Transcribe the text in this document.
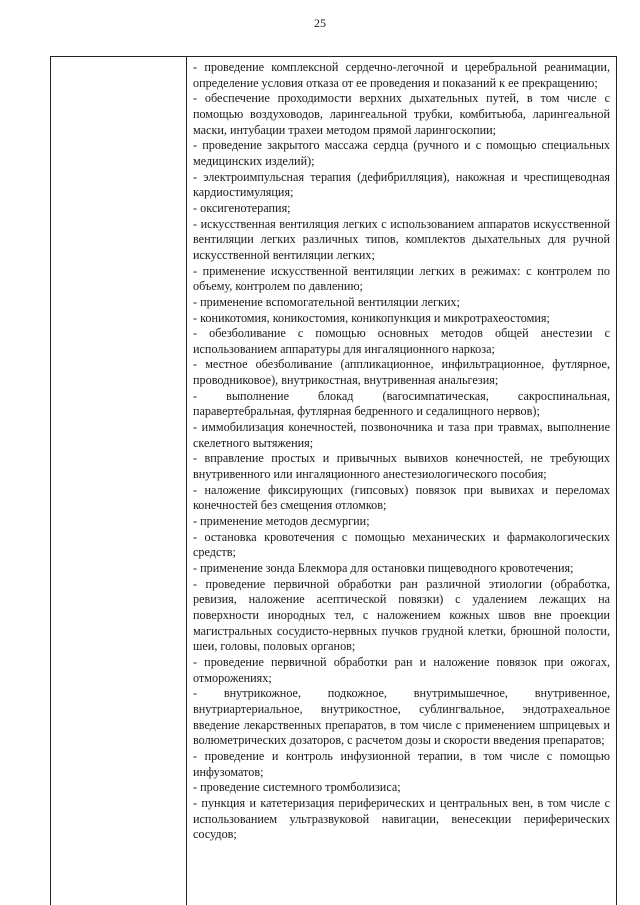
25

- проведение комплексной сердечно-легочной и церебральной реанимации, определение условия отказа от ее проведения и показаний к ее прекращению;

- обеспечение проходимости верхних дыхательных путей, в том числе с помощью воздуховодов, ларингеальной трубки, комбитьюба, ларингеальной маски, интубации трахеи методом прямой ларингоскопии;

- проведение закрытого массажа сердца (ручного и с помощью специальных медицинских изделий);

- электроимпульсная терапия (дефибрилляция), накожная и чреспищеводная кардиостимуляция;

- оксигенотерапия;

- искусственная вентиляция легких с использованием аппаратов искусственной вентиляции легких различных типов, комплектов дыхательных для ручной искусственной вентиляции легких;

- применение искусственной вентиляции легких в режимах: с контролем по объему, контролем по давлению;

- применение вспомогательной вентиляции легких;

- коникотомия, коникостомия, коникопункция и микротрахеостомия;

- обезболивание с помощью основных методов общей анестезии с использованием аппаратуры для ингаляционного наркоза;

- местное обезболивание (аппликационное, инфильтрационное, футлярное, проводниковое), внутрикостная, внутривенная анальгезия;

- выполнение блокад (вагосимпатическая, сакроспинальная, паравертебральная, футлярная бедренного и седалищного нервов);

- иммобилизация конечностей, позвоночника и таза при травмах, выполнение скелетного вытяжения;

- вправление простых и привычных вывихов конечностей, не требующих внутривенного или ингаляционного анестезиологического пособия;

- наложение фиксирующих (гипсовых) повязок при вывихах и переломах конечностей без смещения отломков;

- применение методов десмургии;

- остановка кровотечения с помощью механических и фармакологических средств;

- применение зонда Блекмора для остановки пищеводного кровотечения;

- проведение первичной обработки ран различной этиологии (обработка, ревизия, наложение асептической повязки) с удалением лежащих на поверхности инородных тел, с наложением кожных швов вне проекции магистральных сосудисто-нервных пучков грудной клетки, брюшной полости, шеи, головы, половых органов;

- проведение первичной обработки ран и наложение повязок при ожогах, отморожениях;

- внутрикожное, подкожное, внутримышечное, внутривенное, внутриартериальное, внутрикостное, сублингвальное, эндотрахеальное введение лекарственных препаратов, в том числе с применением шприцевых и волюметрических дозаторов, с расчетом дозы и скорости введения препаратов;

- проведение и контроль инфузионной терапии, в том числе с помощью инфузоматов;

- проведение системного тромболизиса;

- пункция и катетеризация периферических и центральных вен, в том числе с использованием ультразвуковой навигации, венесекции периферических сосудов;
